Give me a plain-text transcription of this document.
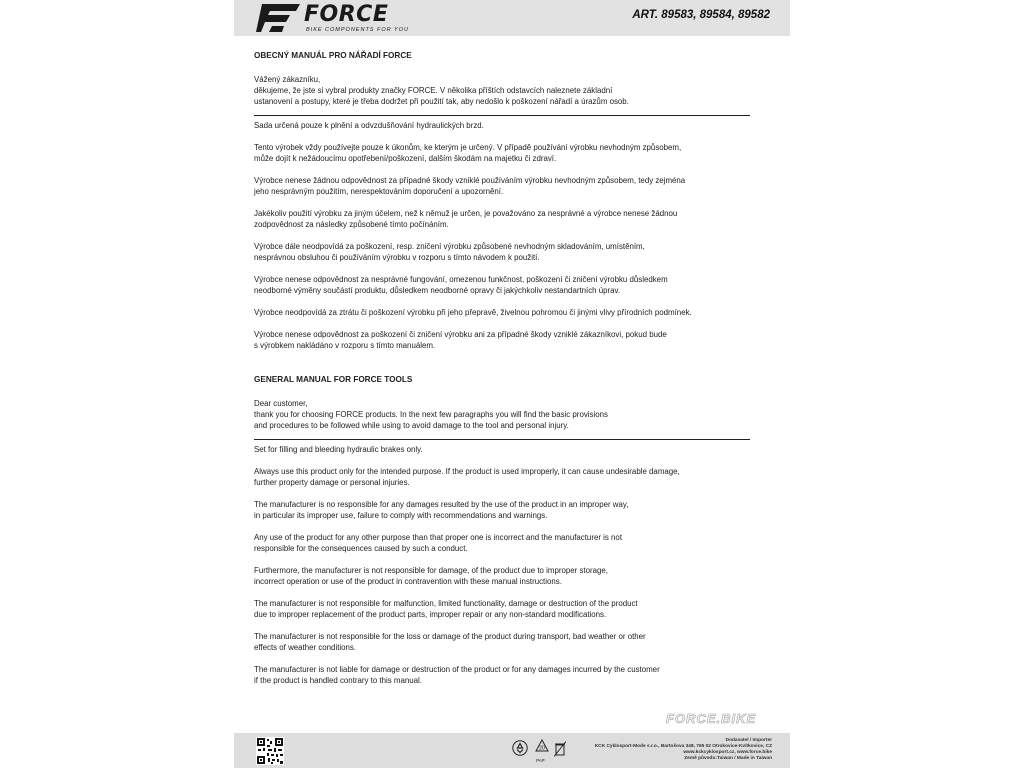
FORCE
BIKE COMPONENTS FOR YOU
ART. 89583, 89584, 89582
OBECNÝ MANUÁL PRO NÁŘADÍ FORCE
Vážený zákazníku,
děkujeme, že jste si vybral produkty značky FORCE. V několika příštích odstavcích naleznete základní
ustanovení a postupy, které je třeba dodržet při použití tak, aby nedošlo k poškození nářadí a úrazům osob.
Sada určená pouze k plnění a odvzdušňování hydraulických brzd.
Tento výrobek vždy používejte pouze k úkonům, ke kterým je určený. V případě používání výrobku nevhodným způsobem,
může dojít k nežádoucímu opotřebení/poškození, dalším škodám na majetku či zdraví.
Výrobce nenese žádnou odpovědnost za případné škody vzniklé používáním výrobku nevhodným způsobem, tedy zejména
jeho nesprávným použitím, nerespektováním doporučení a upozornění.
Jakékoliv použití výrobku za jiným účelem, než k němuž je určen, je považováno za nesprávné a výrobce nenese žádnou
zodpovědnost za následky způsobené tímto počínáním.
Výrobce dále neodpovídá za poškození, resp. zničení výrobku způsobené nevhodným skladováním, umístěním,
nesprávnou obsluhou či používáním výrobku v rozporu s tímto návodem k použití.
Výrobce nenese odpovědnost za nesprávné fungování, omezenou funkčnost, poškození či zničení výrobku důsledkem
neodborné výměny součástí produktu, důsledkem neodborné opravy či jakýchkoliv nestandartních úprav.
Výrobce neodpovídá za ztrátu či poškození výrobku při jeho přepravě, živelnou pohromou či jinými vlivy přírodních podmínek.
Výrobce nenese odpovědnost za poškození či zničení výrobku ani za případné škody vzniklé zákazníkovi, pokud bude
s výrobkem nakládáno v rozporu s tímto manuálem.
GENERAL MANUAL FOR FORCE TOOLS
Dear customer,
thank you for choosing FORCE products. In the next few paragraphs you will find the basic provisions
and procedures to be followed while using to avoid damage to the tool and personal injury.
Set for filling and bleeding hydraulic brakes only.
Always use this product only for the intended purpose. If the product is used improperly, it can cause undesirable damage,
further property damage or personal injuries.
The manufacturer is no responsible for any damages resulted by the use of the product in an improper way,
in particular its improper use, failure to comply with recommendations and warnings.
Any use of the product for any other purpose than that proper one is incorrect and the manufacturer is not
responsible for the consequences caused by such a conduct.
Furthermore, the manufacturer is not responsible for damage, of the product due to improper storage,
incorrect operation or use of the product in contravention with these manual instructions.
The manufacturer is not responsible for malfunction, limited functionality, damage or destruction of the product
due to improper replacement of the product parts, improper repair or any non-standard modifications.
The manufacturer is not responsible for the loss or damage of the product during transport, bad weather or other
effects of weather conditions.
The manufacturer is not liable for damage or destruction of the product or for any damages incurred by the customer
if the product is handled contrary to this manual.
FORCE.BIKE
20
PAP
Dodavatel / Importer
KCK Cyklosport-Mode s.r.o., Bartošova 348, 765 02 Otrokovice-Kvítkovice, CZ
www.kckcyklosport.cz, www.force.bike
Země původu:Taiwan / Made in Taiwan
